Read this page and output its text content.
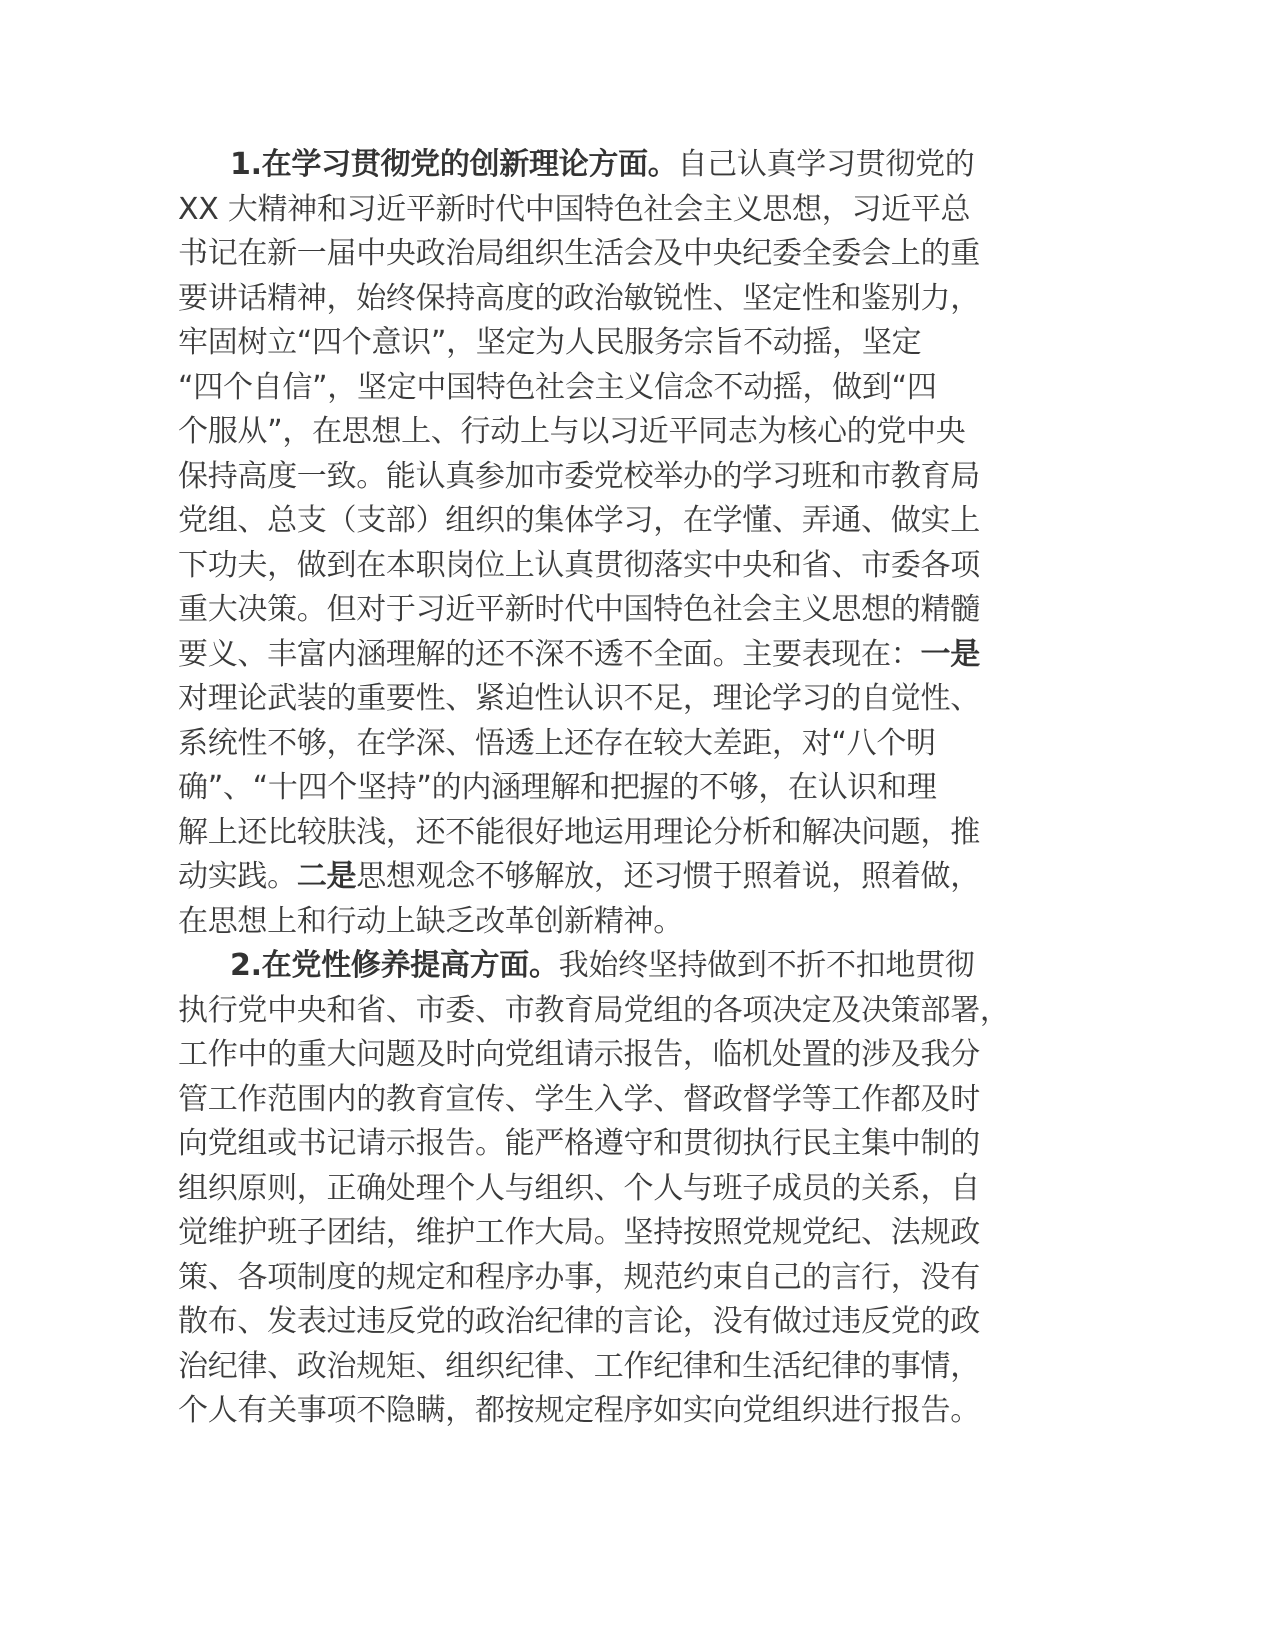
1.在学习贯彻党的创新理论方面。自己认真学习贯彻党的
XX 大精神和习近平新时代中国特色社会主义思想，习近平总
书记在新一届中央政治局组织生活会及中央纪委全委会上的重
要讲话精神，始终保持高度的政治敏锐性、坚定性和鉴别力，
牢固树立“四个意识”，坚定为人民服务宗旨不动摇，坚定
“四个自信”，坚定中国特色社会主义信念不动摇，做到“四
个服从”，在思想上、行动上与以习近平同志为核心的党中央
保持高度一致。能认真参加市委党校举办的学习班和市教育局
党组、总支（支部）组织的集体学习，在学懂、弄通、做实上
下功夫，做到在本职岗位上认真贯彻落实中央和省、市委各项
重大决策。但对于习近平新时代中国特色社会主义思想的精髓
要义、丰富内涵理解的还不深不透不全面。主要表现在：一是
对理论武装的重要性、紧迫性认识不足，理论学习的自觉性、
系统性不够，在学深、悟透上还存在较大差距，对“八个明
确”、“十四个坚持”的内涵理解和把握的不够，在认识和理
解上还比较肤浅，还不能很好地运用理论分析和解决问题，推
动实践。二是思想观念不够解放，还习惯于照着说，照着做，
在思想上和行动上缺乏改革创新精神。
2.在党性修养提高方面。我始终坚持做到不折不扣地贯彻
执行党中央和省、市委、市教育局党组的各项决定及决策部署，
工作中的重大问题及时向党组请示报告，临机处置的涉及我分
管工作范围内的教育宣传、学生入学、督政督学等工作都及时
向党组或书记请示报告。能严格遵守和贯彻执行民主集中制的
组织原则，正确处理个人与组织、个人与班子成员的关系，自
觉维护班子团结，维护工作大局。坚持按照党规党纪、法规政
策、各项制度的规定和程序办事，规范约束自己的言行，没有
散布、发表过违反党的政治纪律的言论，没有做过违反党的政
治纪律、政治规矩、组织纪律、工作纪律和生活纪律的事情，
个人有关事项不隐瞒，都按规定程序如实向党组织进行报告。
